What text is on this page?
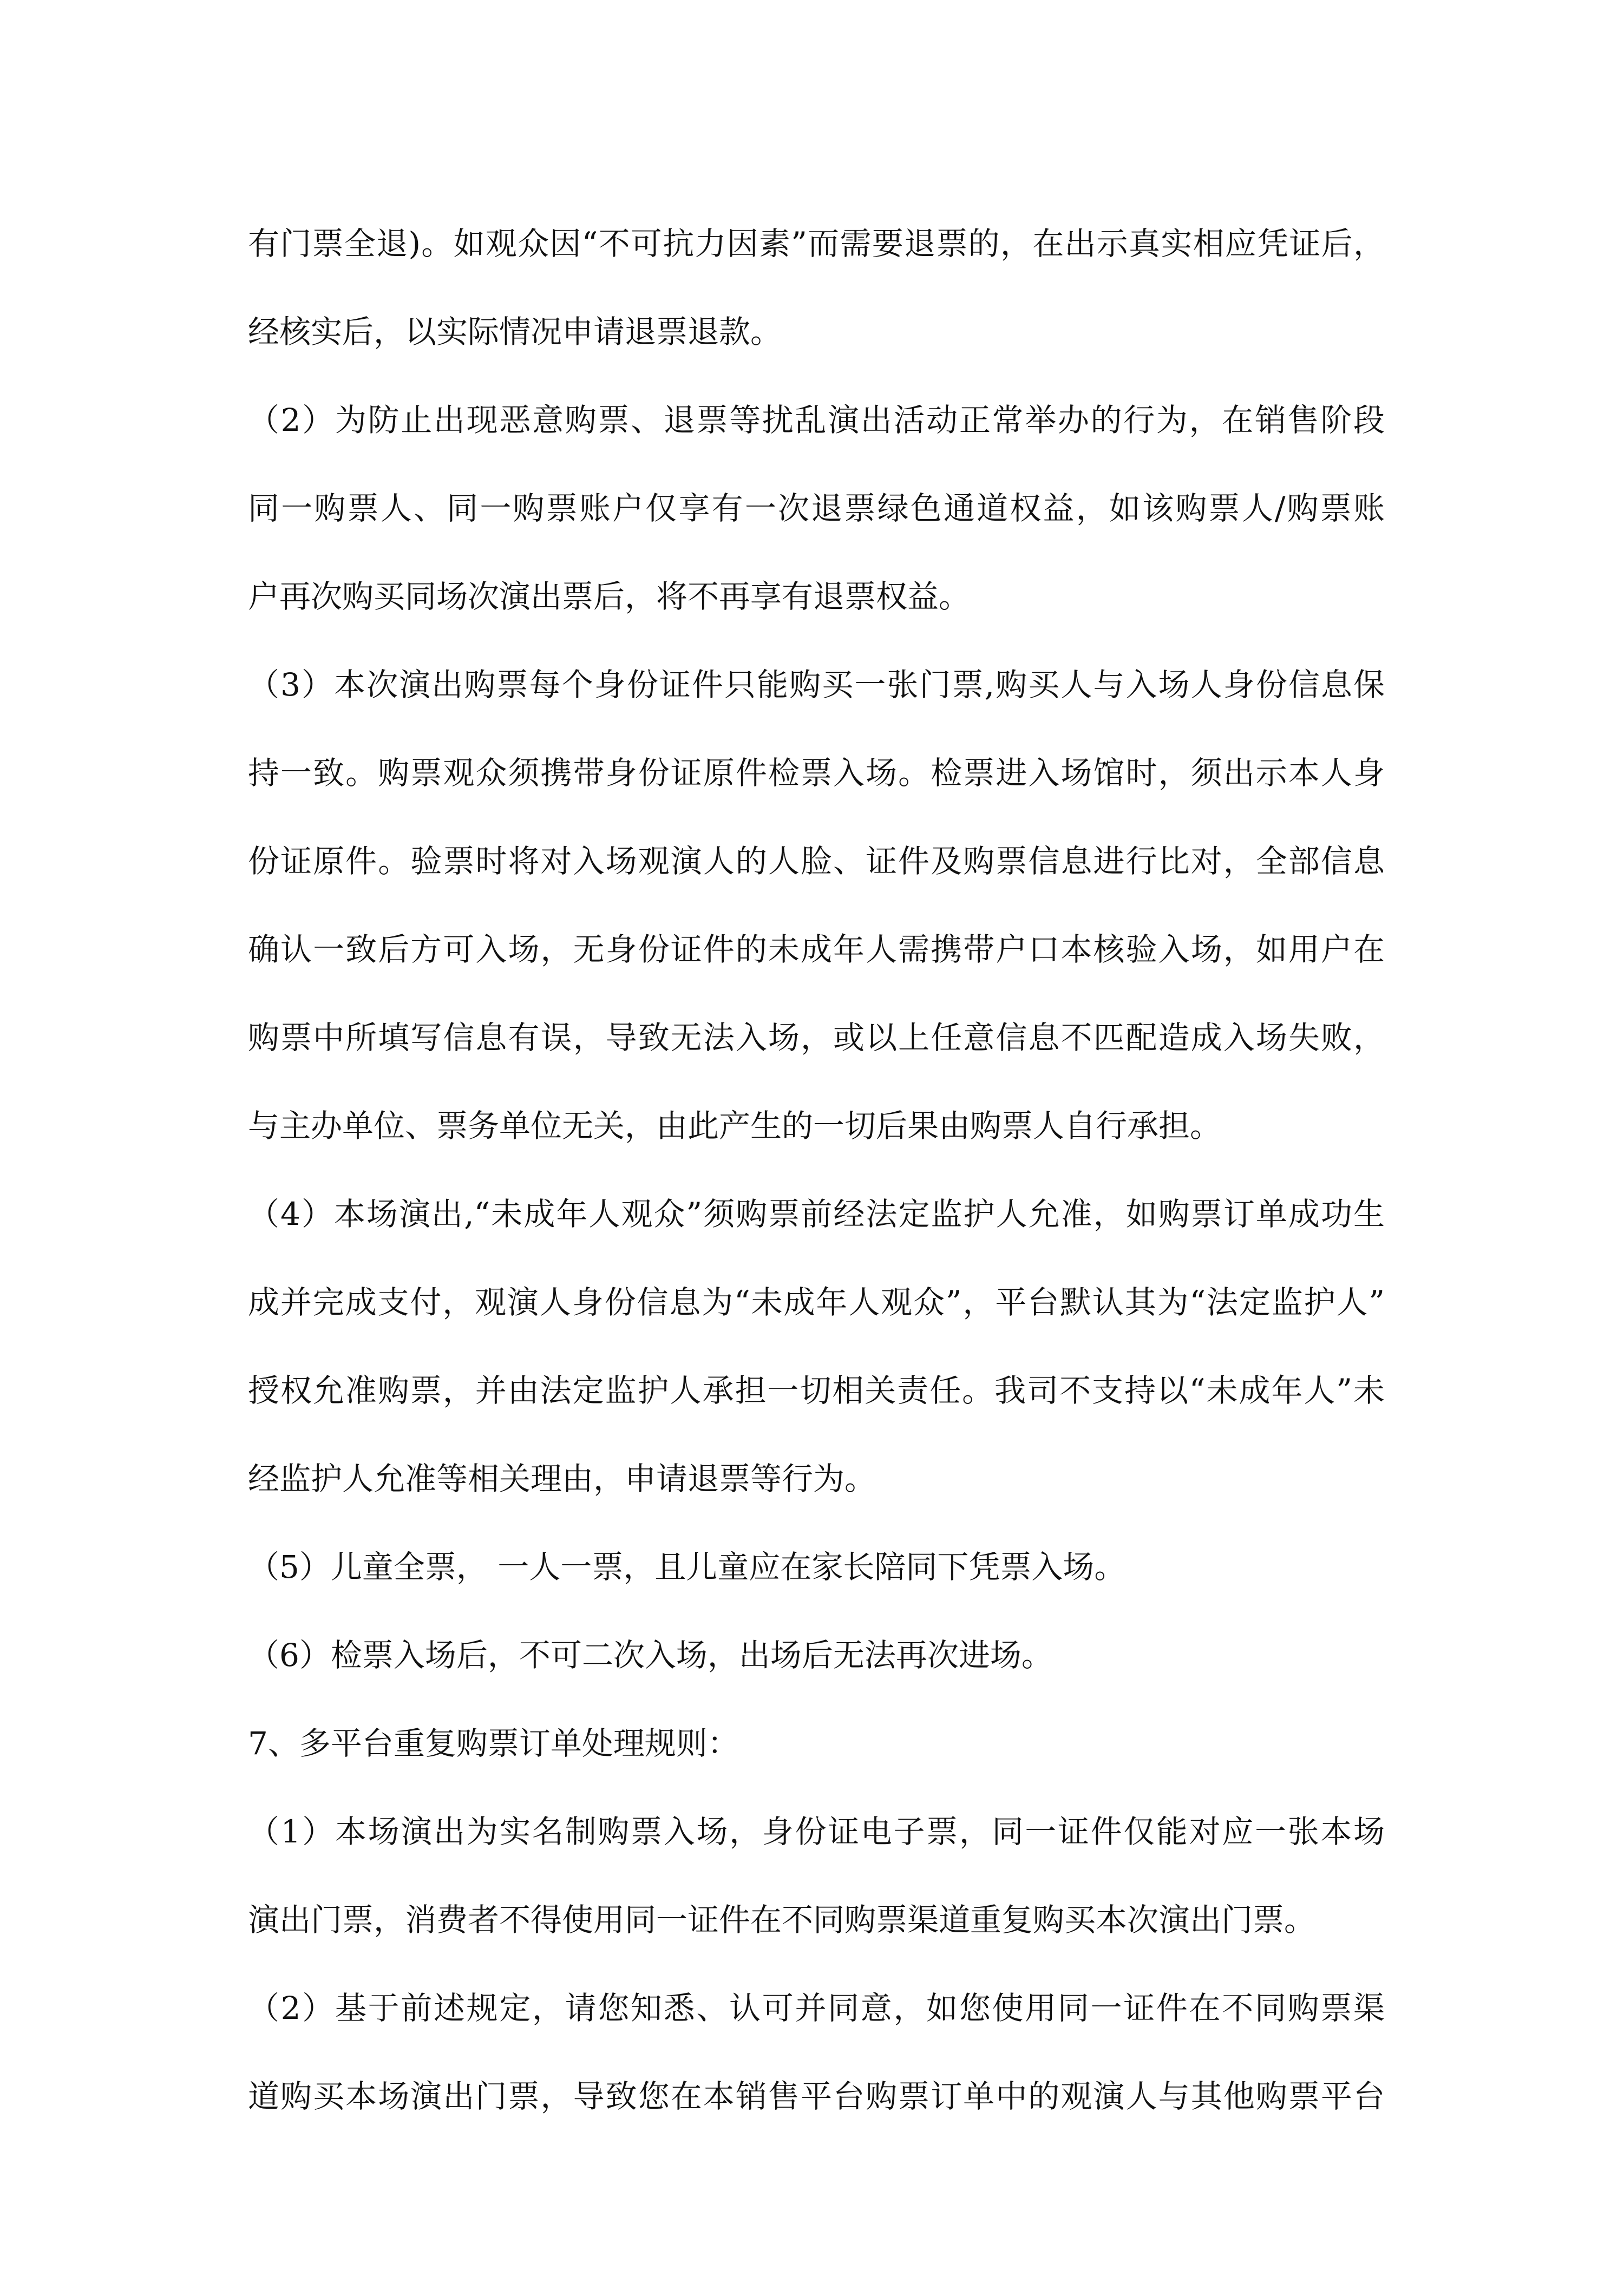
有门票全退)。如观众因“不可抗力因素”而需要退票的，在出示真实相应凭证后，
经核实后，以实际情况申请退票退款。
（2）为防止出现恶意购票、退票等扰乱演出活动正常举办的行为，在销售阶段
同一购票人、同一购票账户仅享有一次退票绿色通道权益，如该购票人/购票账
户再次购买同场次演出票后，将不再享有退票权益。
（3）本次演出购票每个身份证件只能购买一张门票,购买人与入场人身份信息保
持一致。购票观众须携带身份证原件检票入场。检票进入场馆时，须出示本人身
份证原件。验票时将对入场观演人的人脸、证件及购票信息进行比对，全部信息
确认一致后方可入场，无身份证件的未成年人需携带户口本核验入场，如用户在
购票中所填写信息有误，导致无法入场，或以上任意信息不匹配造成入场失败，
与主办单位、票务单位无关，由此产生的一切后果由购票人自行承担。
（4）本场演出,“未成年人观众”须购票前经法定监护人允准，如购票订单成功生
成并完成支付，观演人身份信息为“未成年人观众”，平台默认其为“法定监护人”
授权允准购票，并由法定监护人承担一切相关责任。我司不支持以“未成年人”未
经监护人允准等相关理由，申请退票等行为。
（5）儿童全票， 一人一票，且儿童应在家长陪同下凭票入场。
（6）检票入场后，不可二次入场，出场后无法再次进场。
7、多平台重复购票订单处理规则：
（1）本场演出为实名制购票入场，身份证电子票，同一证件仅能对应一张本场
演出门票，消费者不得使用同一证件在不同购票渠道重复购买本次演出门票。
（2）基于前述规定，请您知悉、认可并同意，如您使用同一证件在不同购票渠
道购买本场演出门票，导致您在本销售平台购票订单中的观演人与其他购票平台
